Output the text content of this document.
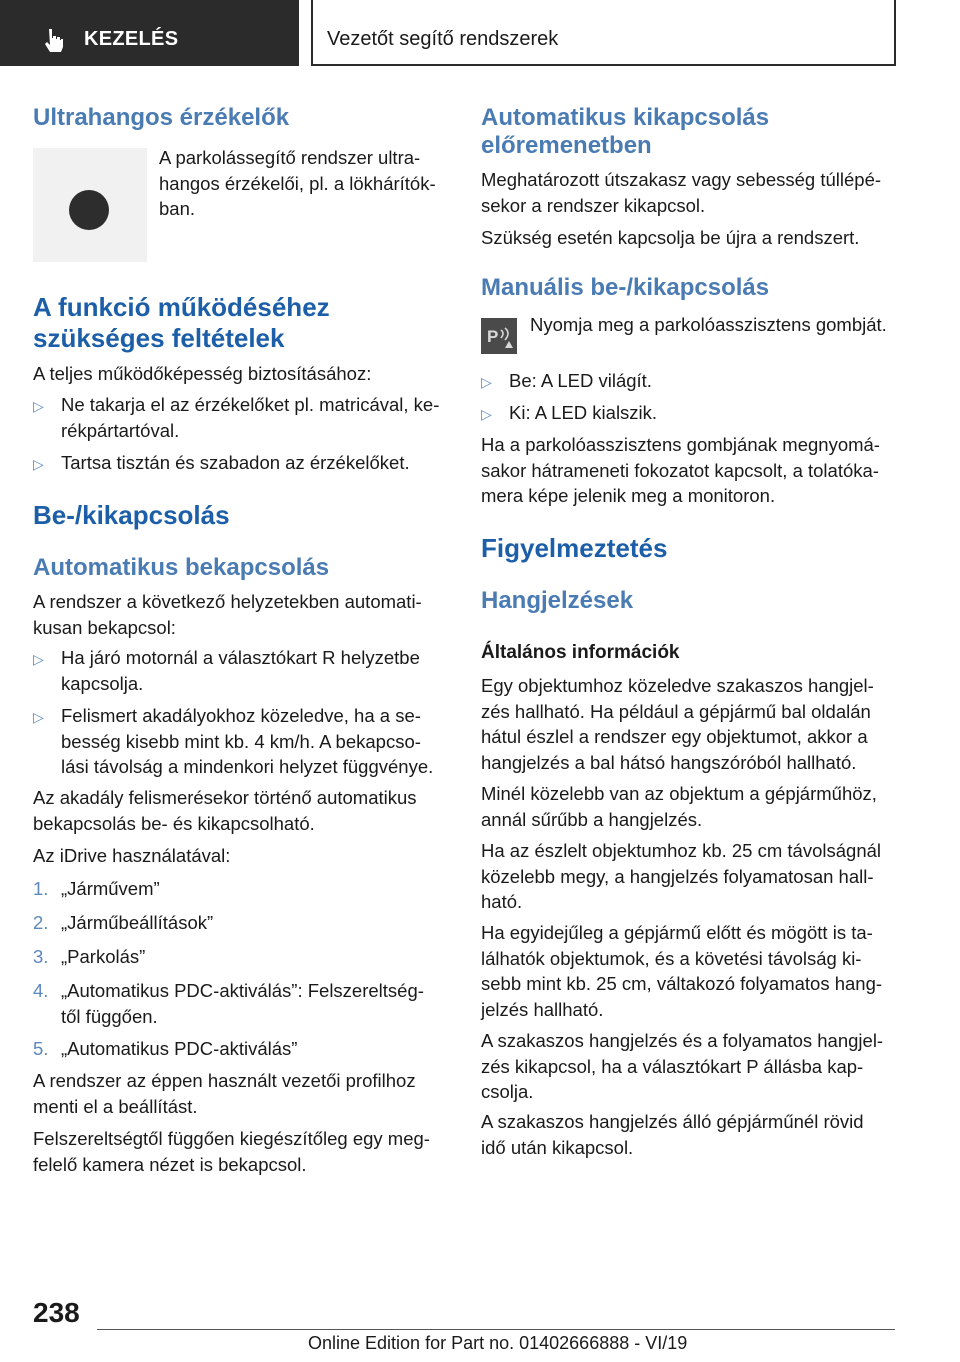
KEZELÉS	Vezetőt segítő rendszerek
Ultrahangos érzékelők
A parkolássegítő rendszer ultra-
hangos érzékelői, pl. a lökhárítók-
ban.
A funkció működéséhez
szükséges feltételek
A teljes működőképesség biztosításához:
▷ Ne takarja el az érzékelőket pl. matricával, ke-
rékpártartóval.
▷ Tartsa tisztán és szabadon az érzékelőket.
Be-/kikapcsolás
Automatikus bekapcsolás
A rendszer a következő helyzetekben automati-
kusan bekapcsol:
▷ Ha járó motornál a választókart R helyzetbe
kapcsolja.
▷ Felismert akadályokhoz közeledve, ha a se-
besség kisebb mint kb. 4 km/h. A bekapcso-
lási távolság a mindenkori helyzet függvénye.
Az akadály felismerésekor történő automatikus
bekapcsolás be- és kikapcsolható.
Az iDrive használatával:
1. „Járművem”
2. „Járműbeállítások”
3. „Parkolás”
4. „Automatikus PDC-aktiválás”: Felszereltség-
től függően.
5. „Automatikus PDC-aktiválás”
A rendszer az éppen használt vezetői profilhoz
menti el a beállítást.
Felszereltségtől függően kiegészítőleg egy meg-
felelő kamera nézet is bekapcsol.
Automatikus kikapcsolás
előremenetben
Meghatározott útszakasz vagy sebesség túllépé-
sekor a rendszer kikapcsol.
Szükség esetén kapcsolja be újra a rendszert.
Manuális be-/kikapcsolás
P
Nyomja meg a parkolóasszisztens gombját.
▷ Be: A LED világít.
▷ Ki: A LED kialszik.
Ha a parkolóasszisztens gombjának megnyomá-
sakor hátrameneti fokozatot kapcsolt, a tolatóka-
mera képe jelenik meg a monitoron.
Figyelmeztetés
Hangjelzések
Általános információk
Egy objektumhoz közeledve szakaszos hangjel-
zés hallható. Ha például a gépjármű bal oldalán
hátul észlel a rendszer egy objektumot, akkor a
hangjelzés a bal hátsó hangszóróból hallható.
Minél közelebb van az objektum a gépjárműhöz,
annál sűrűbb a hangjelzés.
Ha az észlelt objektumhoz kb. 25 cm távolságnál
közelebb megy, a hangjelzés folyamatosan hall-
ható.
Ha egyidejűleg a gépjármű előtt és mögött is ta-
lálhatók objektumok, és a követési távolság ki-
sebb mint kb. 25 cm, váltakozó folyamatos hang-
jelzés hallható.
A szakaszos hangjelzés és a folyamatos hangjel-
zés kikapcsol, ha a választókart P állásba kap-
csolja.
A szakaszos hangjelzés álló gépjárműnél rövid
idő után kikapcsol.
238
Online Edition for Part no. 01402666888 - VI/19
